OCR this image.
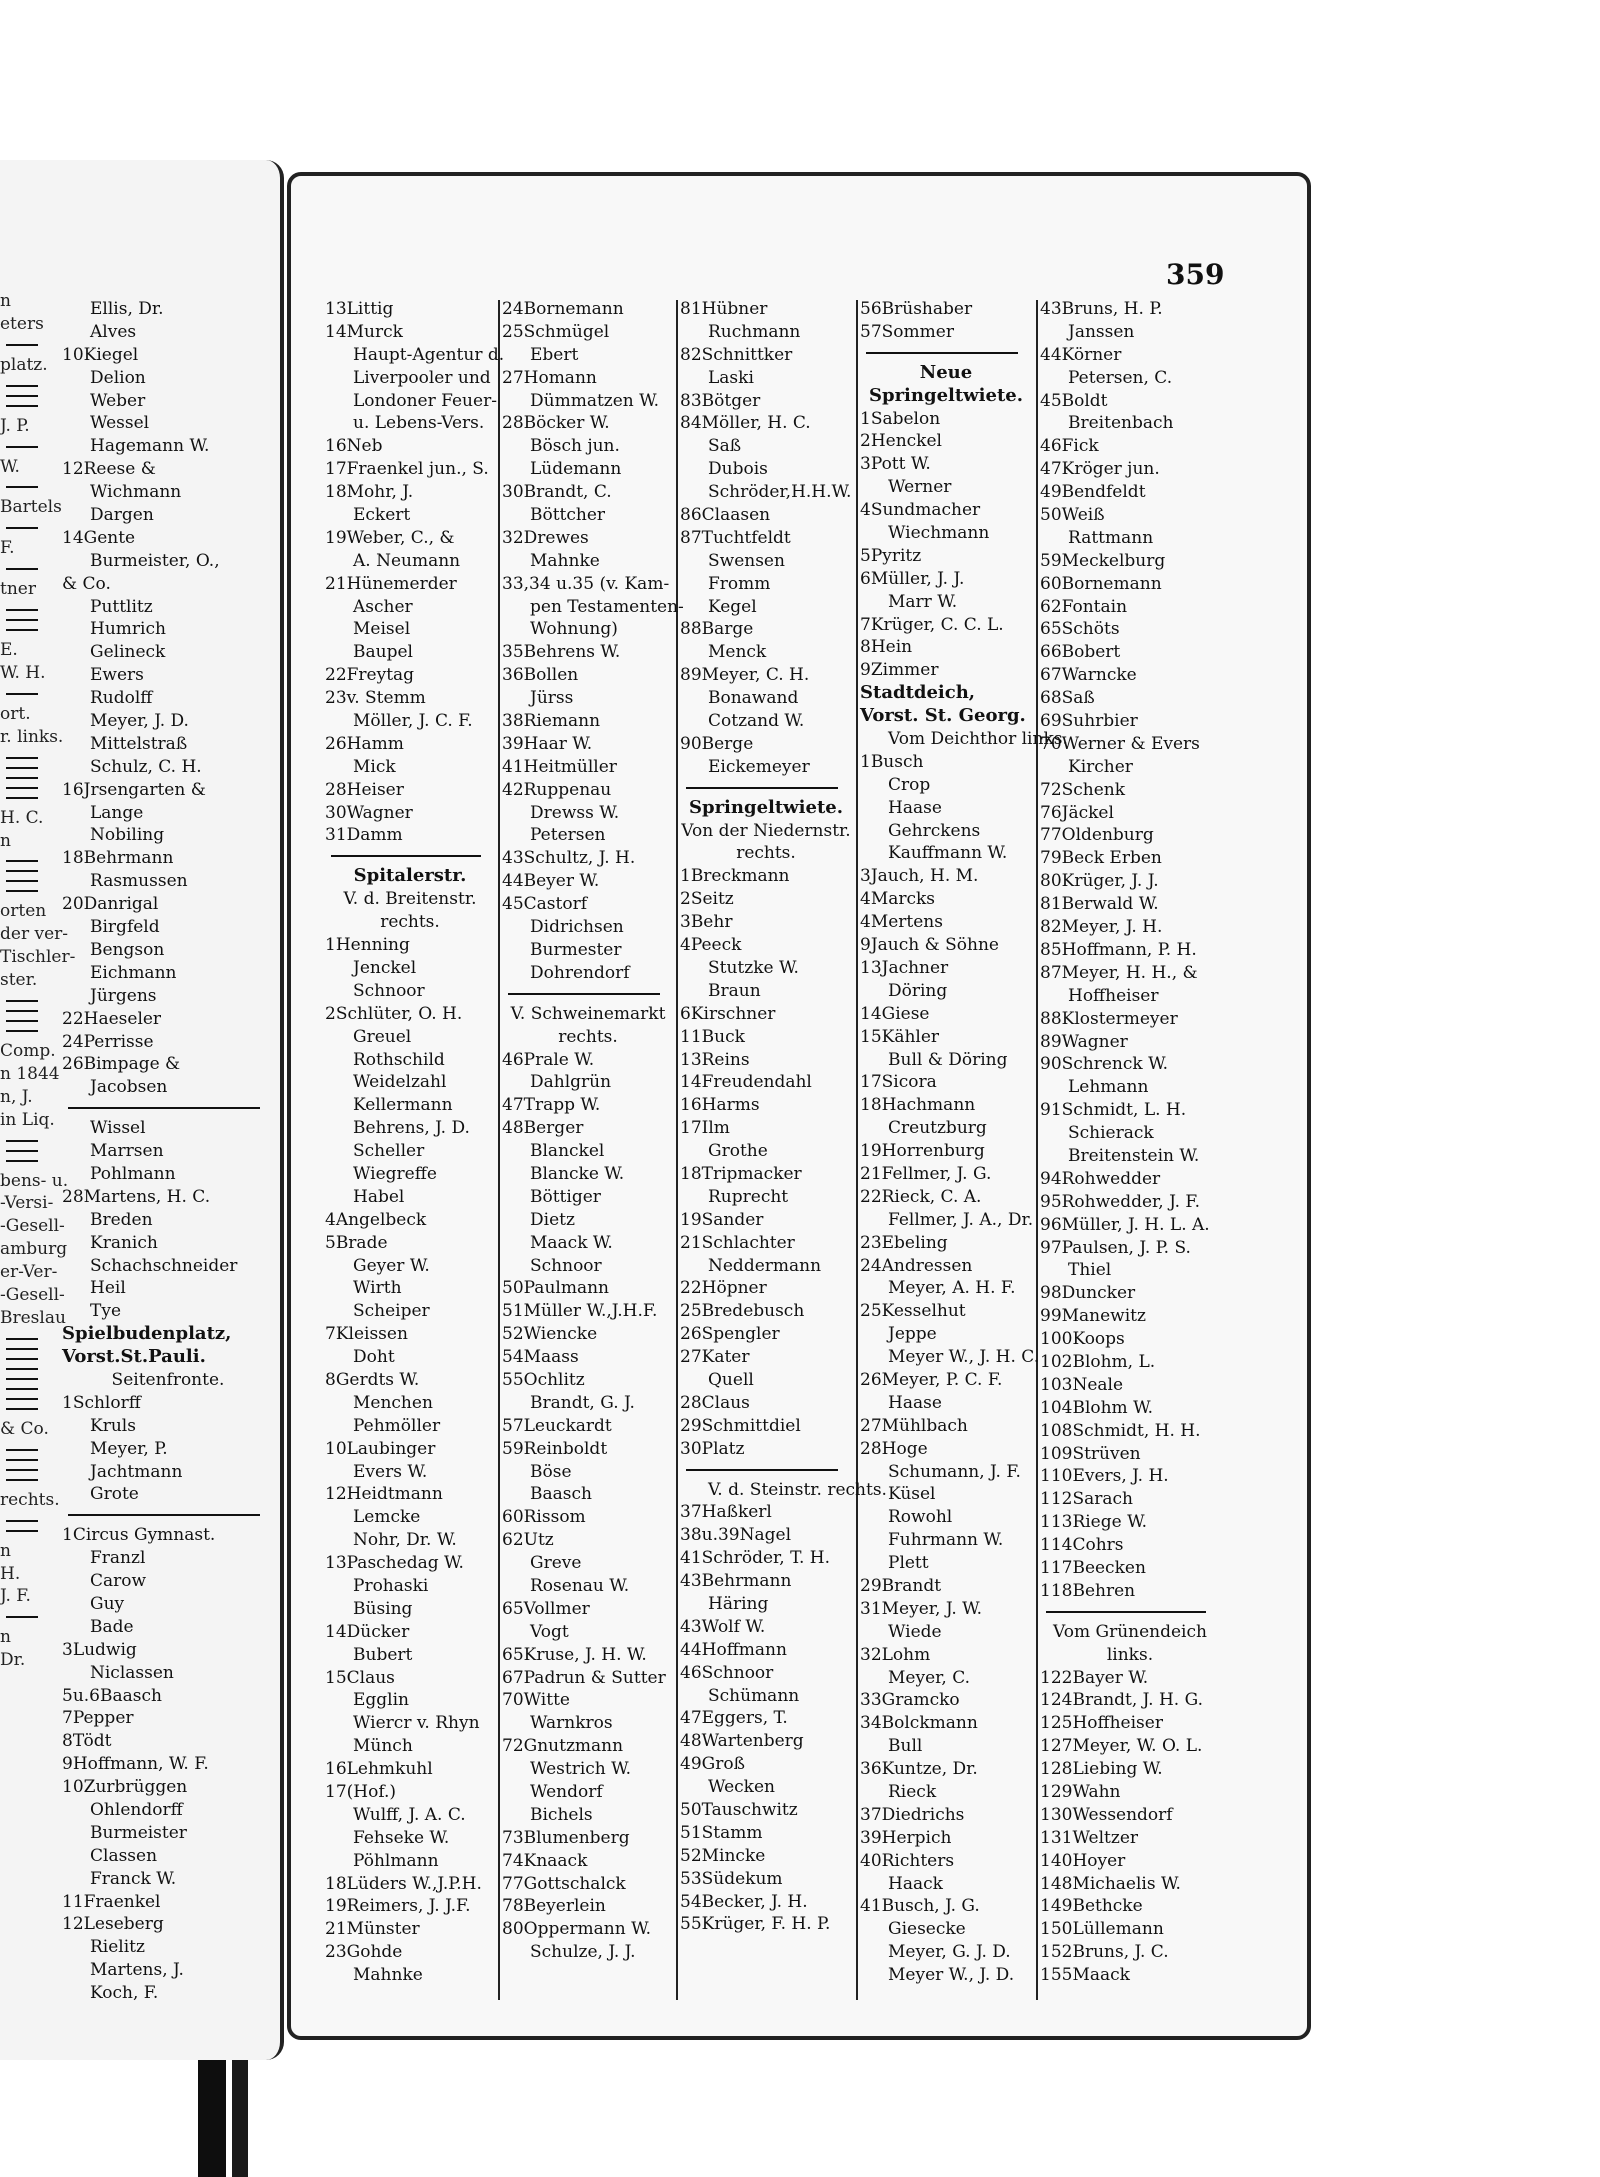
n
eters
platz.
J. P.
W.
Bartels
F.
tner
E.
W. H.
ort.
r. links.
H. C.
n
orten
der ver-
Tischler-
ster.
Comp.
n 1844
n, J.
in Liq.
bens- u.
-Versi-
-Gesell-
amburg
er-Ver-
-Gesell-
Breslau
& Co.
rechts.
n
H.
J. F.
n
Dr.
Ellis, Dr.
Alves
10Kiegel
Delion
Weber
Wessel
Hagemann W.
12Reese &
Wichmann
Dargen
14Gente
Burmeister, O.,
& Co.
Puttlitz
Humrich
Gelineck
Ewers
Rudolff
Meyer, J. D.
Mittelstraß
Schulz, C. H.
16Jrsengarten &
Lange
Nobiling
18Behrmann
Rasmussen
20Danrigal
Birgfeld
Bengson
Eichmann
Jürgens
22Haeseler
24Perrisse
26Bimpage &
Jacobsen
Wissel
Marrsen
Pohlmann
28Martens, H. C.
Breden
Kranich
Schachschneider
Heil
Tye
Spielbudenplatz,
Vorst.St.Pauli.
Seitenfronte.
1Schlorff
Kruls
Meyer, P.
Jachtmann
Grote
1Circus Gymnast.
Franzl
Carow
Guy
Bade
3Ludwig
Niclassen
5u.6Baasch
7Pepper
8Tödt
9Hoffmann, W. F.
10Zurbrüggen
Ohlendorff
Burmeister
Classen
Franck W.
11Fraenkel
12Leseberg
Rielitz
Martens, J.
Koch, F.
359
13Littig
14Murck
Haupt-Agentur d.
Liverpooler und
Londoner Feuer-
u. Lebens-Vers.
16Neb
17Fraenkel jun., S.
18Mohr, J.
Eckert
19Weber, C., &
A. Neumann
21Hünemerder
Ascher
Meisel
Baupel
22Freytag
23v. Stemm
Möller, J. C. F.
26Hamm
Mick
28Heiser
30Wagner
31Damm
Spitalerstr.
V. d. Breitenstr.
rechts.
1Henning
Jenckel
Schnoor
2Schlüter, O. H.
Greuel
Rothschild
Weidelzahl
Kellermann
Behrens, J. D.
Scheller
Wiegreffe
Habel
4Angelbeck
5Brade
Geyer W.
Wirth
Scheiper
7Kleissen
Doht
8Gerdts W.
Menchen
Pehmöller
10Laubinger
Evers W.
12Heidtmann
Lemcke
Nohr, Dr. W.
13Paschedag W.
Prohaski
Büsing
14Dücker
Bubert
15Claus
Egglin
Wiercr v. Rhyn
Münch
16Lehmkuhl
17(Hof.)
Wulff, J. A. C.
Fehseke W.
Pöhlmann
18Lüders W.,J.P.H.
19Reimers, J. J.F.
21Münster
23Gohde
Mahnke
24Bornemann
25Schmügel
Ebert
27Homann
Dümmatzen W.
28Böcker W.
Bösch jun.
Lüdemann
30Brandt, C.
Böttcher
32Drewes
Mahnke
33,34 u.35 (v. Kam-
pen Testamenten-
Wohnung)
35Behrens W.
36Bollen
Jürss
38Riemann
39Haar W.
41Heitmüller
42Ruppenau
Drewss W.
Petersen
43Schultz, J. H.
44Beyer W.
45Castorf
Didrichsen
Burmester
Dohrendorf
V. Schweinemarkt
rechts.
46Prale W.
Dahlgrün
47Trapp W.
48Berger
Blanckel
Blancke W.
Böttiger
Dietz
Maack W.
Schnoor
50Paulmann
51Müller W.,J.H.F.
52Wiencke
54Maass
55Ochlitz
Brandt, G. J.
57Leuckardt
59Reinboldt
Böse
Baasch
60Rissom
62Utz
Greve
Rosenau W.
65Vollmer
Vogt
65Kruse, J. H. W.
67Padrun & Sutter
70Witte
Warnkros
72Gnutzmann
Westrich W.
Wendorf
Bichels
73Blumenberg
74Knaack
77Gottschalck
78Beyerlein
80Oppermann W.
Schulze, J. J.
81Hübner
Ruchmann
82Schnittker
Laski
83Bötger
84Möller, H. C.
Saß
Dubois
Schröder,H.H.W.
86Claasen
87Tuchtfeldt
Swensen
Fromm
Kegel
88Barge
Menck
89Meyer, C. H.
Bonawand
Cotzand W.
90Berge
Eickemeyer
Springeltwiete.
Von der Niedernstr.
rechts.
1Breckmann
2Seitz
3Behr
4Peeck
Stutzke W.
Braun
6Kirschner
11Buck
13Reins
14Freudendahl
16Harms
17Ilm
Grothe
18Tripmacker
Ruprecht
19Sander
21Schlachter
Neddermann
22Höpner
25Bredebusch
26Spengler
27Kater
Quell
28Claus
29Schmittdiel
30Platz
V. d. Steinstr. rechts.
37Haßkerl
38u.39Nagel
41Schröder, T. H.
43Behrmann
Häring
43Wolf W.
44Hoffmann
46Schnoor
Schümann
47Eggers, T.
48Wartenberg
49Groß
Wecken
50Tauschwitz
51Stamm
52Mincke
53Südekum
54Becker, J. H.
55Krüger, F. H. P.
56Brüshaber
57Sommer
Neue
Springeltwiete.
1Sabelon
2Henckel
3Pott W.
Werner
4Sundmacher
Wiechmann
5Pyritz
6Müller, J. J.
Marr W.
7Krüger, C. C. L.
8Hein
9Zimmer
Stadtdeich,
Vorst. St. Georg.
Vom Deichthor links.
1Busch
Crop
Haase
Gehrckens
Kauffmann W.
3Jauch, H. M.
4Marcks
4Mertens
9Jauch & Söhne
13Jachner
Döring
14Giese
15Kähler
Bull & Döring
17Sicora
18Hachmann
Creutzburg
19Horrenburg
21Fellmer, J. G.
22Rieck, C. A.
Fellmer, J. A., Dr.
23Ebeling
24Andressen
Meyer, A. H. F.
25Kesselhut
Jeppe
Meyer W., J. H. C.
26Meyer, P. C. F.
Haase
27Mühlbach
28Hoge
Schumann, J. F.
Küsel
Rowohl
Fuhrmann W.
Plett
29Brandt
31Meyer, J. W.
Wiede
32Lohm
Meyer, C.
33Gramcko
34Bolckmann
Bull
36Kuntze, Dr.
Rieck
37Diedrichs
39Herpich
40Richters
Haack
41Busch, J. G.
Giesecke
Meyer, G. J. D.
Meyer W., J. D.
43Bruns, H. P.
Janssen
44Körner
Petersen, C.
45Boldt
Breitenbach
46Fick
47Kröger jun.
49Bendfeldt
50Weiß
Rattmann
59Meckelburg
60Bornemann
62Fontain
65Schöts
66Bobert
67Warncke
68Saß
69Suhrbier
70Werner & Evers
Kircher
72Schenk
76Jäckel
77Oldenburg
79Beck Erben
80Krüger, J. J.
81Berwald W.
82Meyer, J. H.
85Hoffmann, P. H.
87Meyer, H. H., &
Hoffheiser
88Klostermeyer
89Wagner
90Schrenck W.
Lehmann
91Schmidt, L. H.
Schierack
Breitenstein W.
94Rohwedder
95Rohwedder, J. F.
96Müller, J. H. L. A.
97Paulsen, J. P. S.
Thiel
98Duncker
99Manewitz
100Koops
102Blohm, L.
103Neale
104Blohm W.
108Schmidt, H. H.
109Strüven
110Evers, J. H.
112Sarach
113Riege W.
114Cohrs
117Beecken
118Behren
Vom Grünendeich
links.
122Bayer W.
124Brandt, J. H. G.
125Hoffheiser
127Meyer, W. O. L.
128Liebing W.
129Wahn
130Wessendorf
131Weltzer
140Hoyer
148Michaelis W.
149Bethcke
150Lüllemann
152Bruns, J. C.
155Maack
